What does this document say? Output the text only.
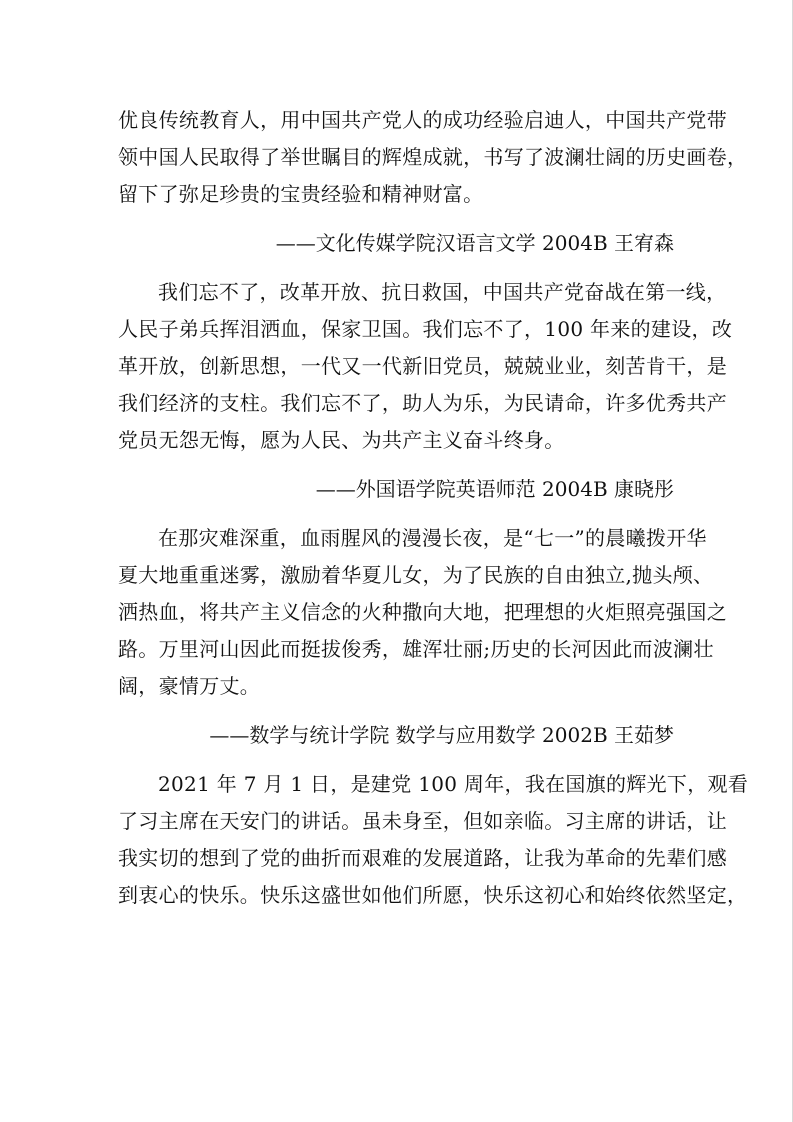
优良传统教育人，用中国共产党人的成功经验启迪人，中国共产党带
领中国人民取得了举世瞩目的辉煌成就，书写了波澜壮阔的历史画卷，
留下了弥足珍贵的宝贵经验和精神财富。
——文化传媒学院汉语言文学 2004B 王宥森
我们忘不了，改革开放、抗日救国，中国共产党奋战在第一线，
人民子弟兵挥泪洒血，保家卫国。我们忘不了，100 年来的建设，改
革开放，创新思想，一代又一代新旧党员，兢兢业业，刻苦肯干，是
我们经济的支柱。我们忘不了，助人为乐，为民请命，许多优秀共产
党员无怨无悔，愿为人民、为共产主义奋斗终身。
——外国语学院英语师范 2004B 康晓彤
在那灾难深重，血雨腥风的漫漫长夜，是“七一”的晨曦拨开华
夏大地重重迷雾，激励着华夏儿女，为了民族的自由独立,抛头颅、
洒热血，将共产主义信念的火种撒向大地，把理想的火炬照亮强国之
路。万里河山因此而挺拔俊秀，雄浑壮丽;历史的长河因此而波澜壮
阔，豪情万丈。
——数学与统计学院 数学与应用数学 2002B 王茹梦
2021 年 7 月 1 日，是建党 100 周年，我在国旗的辉光下，观看
了习主席在天安门的讲话。虽未身至，但如亲临。习主席的讲话，让
我实切的想到了党的曲折而艰难的发展道路，让我为革命的先辈们感
到衷心的快乐。快乐这盛世如他们所愿，快乐这初心和始终依然坚定，
